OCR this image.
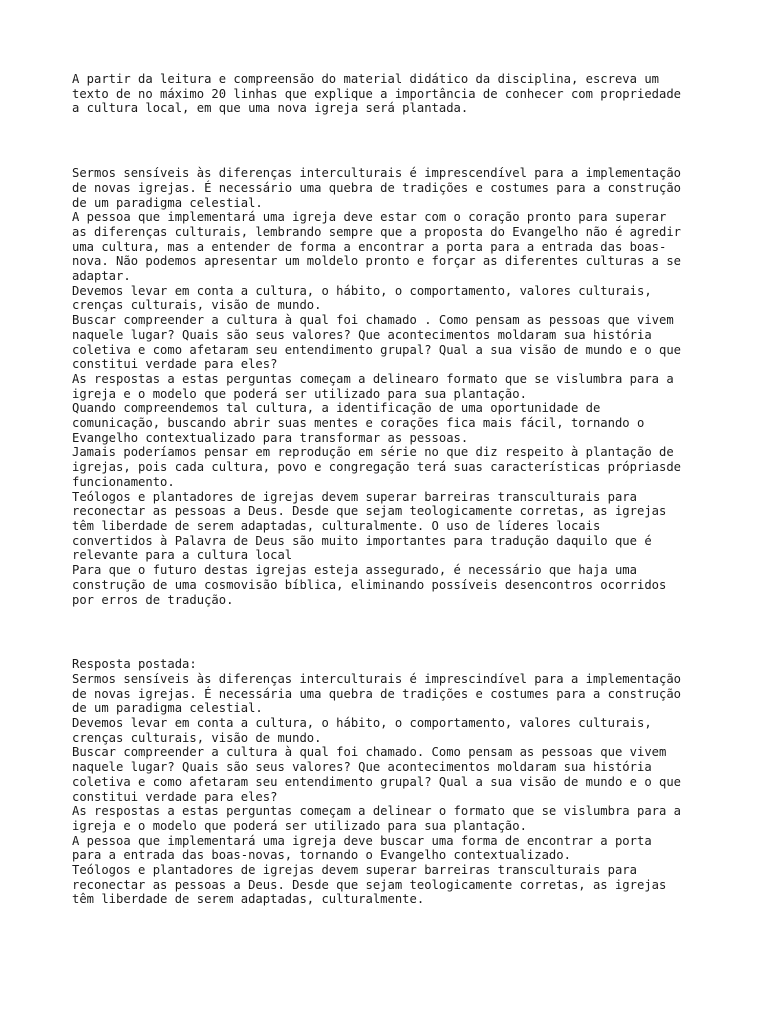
A partir da leitura e compreensão do material didático da disciplina, escreva um
texto de no máximo 20 linhas que explique a importância de conhecer com propriedade
a cultura local, em que uma nova igreja será plantada.

Sermos sensíveis às diferenças interculturais é imprescendível para a implementação
de novas igrejas. É necessário uma quebra de tradições e costumes para a construção
de um paradigma celestial.

A pessoa que implementará uma igreja deve estar com o coração pronto para superar
as diferenças culturais, lembrando sempre que a proposta do Evangelho não é agredir
uma cultura, mas a entender de forma a encontrar a porta para a entrada das boas-
nova. Não podemos apresentar um moldelo pronto e forçar as diferentes culturas a se
adaptar.

Devemos levar em conta a cultura, o hábito, o comportamento, valores culturais,
crenças culturais, visão de mundo.

Buscar compreender a cultura à qual foi chamado . Como pensam as pessoas que vivem
naquele lugar? Quais são seus valores? Que acontecimentos moldaram sua história
coletiva e como afetaram seu entendimento grupal? Qual a sua visão de mundo e o que
constitui verdade para eles?

As respostas a estas perguntas começam a delinearo formato que se vislumbra para a
igreja e o modelo que poderá ser utilizado para sua plantação.

Quando compreendemos tal cultura, a identificação de uma oportunidade de
comunicação, buscando abrir suas mentes e corações fica mais fácil, tornando o
Evangelho contextualizado para transformar as pessoas.

Jamais poderíamos pensar em reprodução em série no que diz respeito à plantação de
igrejas, pois cada cultura, povo e congregação terá suas características própriasde
funcionamento.

Teólogos e plantadores de igrejas devem superar barreiras transculturais para
reconectar as pessoas a Deus. Desde que sejam teologicamente corretas, as igrejas
têm liberdade de serem adaptadas, culturalmente. O uso de líderes locais
convertidos à Palavra de Deus são muito importantes para tradução daquilo que é
relevante para a cultura local

Para que o futuro destas igrejas esteja assegurado, é necessário que haja uma
construção de uma cosmovisão bíblica, eliminando possíveis desencontros ocorridos
por erros de tradução.

Resposta postada:

Sermos sensíveis às diferenças interculturais é imprescindível para a implementação
de novas igrejas. É necessária uma quebra de tradições e costumes para a construção
de um paradigma celestial.

Devemos levar em conta a cultura, o hábito, o comportamento, valores culturais,
crenças culturais, visão de mundo.

Buscar compreender a cultura à qual foi chamado. Como pensam as pessoas que vivem
naquele lugar? Quais são seus valores? Que acontecimentos moldaram sua história
coletiva e como afetaram seu entendimento grupal? Qual a sua visão de mundo e o que
constitui verdade para eles?

As respostas a estas perguntas começam a delinear o formato que se vislumbra para a
igreja e o modelo que poderá ser utilizado para sua plantação.

A pessoa que implementará uma igreja deve buscar uma forma de encontrar a porta
para a entrada das boas-novas, tornando o Evangelho contextualizado.

Teólogos e plantadores de igrejas devem superar barreiras transculturais para
reconectar as pessoas a Deus. Desde que sejam teologicamente corretas, as igrejas
têm liberdade de serem adaptadas, culturalmente.
